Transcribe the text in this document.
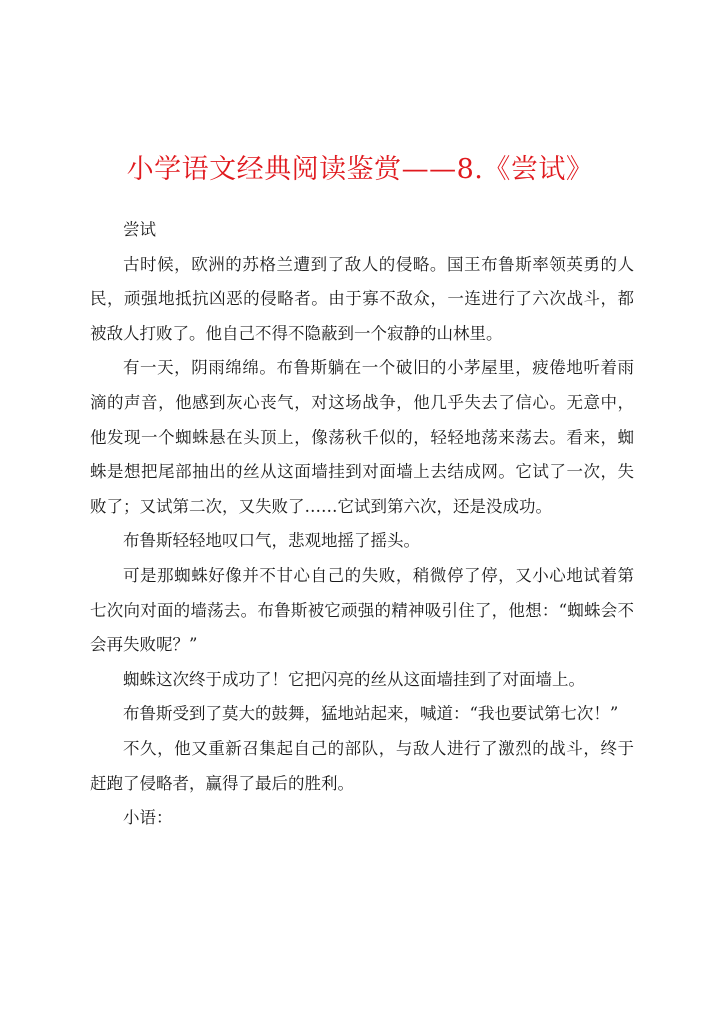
小学语文经典阅读鉴赏——8.《尝试》

尝试

古时候，欧洲的苏格兰遭到了敌人的侵略。国王布鲁斯率领英勇的人民，顽强地抵抗凶恶的侵略者。由于寡不敌众，一连进行了六次战斗，都被敌人打败了。他自己不得不隐蔽到一个寂静的山林里。

有一天，阴雨绵绵。布鲁斯躺在一个破旧的小茅屋里，疲倦地听着雨滴的声音，他感到灰心丧气，对这场战争，他几乎失去了信心。无意中，他发现一个蜘蛛悬在头顶上，像荡秋千似的，轻轻地荡来荡去。看来，蜘蛛是想把尾部抽出的丝从这面墙挂到对面墙上去结成网。它试了一次，失败了；又试第二次，又失败了……它试到第六次，还是没成功。

布鲁斯轻轻地叹口气，悲观地摇了摇头。

可是那蜘蛛好像并不甘心自己的失败，稍微停了停，又小心地试着第七次向对面的墙荡去。布鲁斯被它顽强的精神吸引住了，他想：“蜘蛛会不会再失败呢？”

蜘蛛这次终于成功了！它把闪亮的丝从这面墙挂到了对面墙上。

布鲁斯受到了莫大的鼓舞，猛地站起来，喊道：“我也要试第七次！”

不久，他又重新召集起自己的部队，与敌人进行了激烈的战斗，终于赶跑了侵略者，赢得了最后的胜利。

小语：
